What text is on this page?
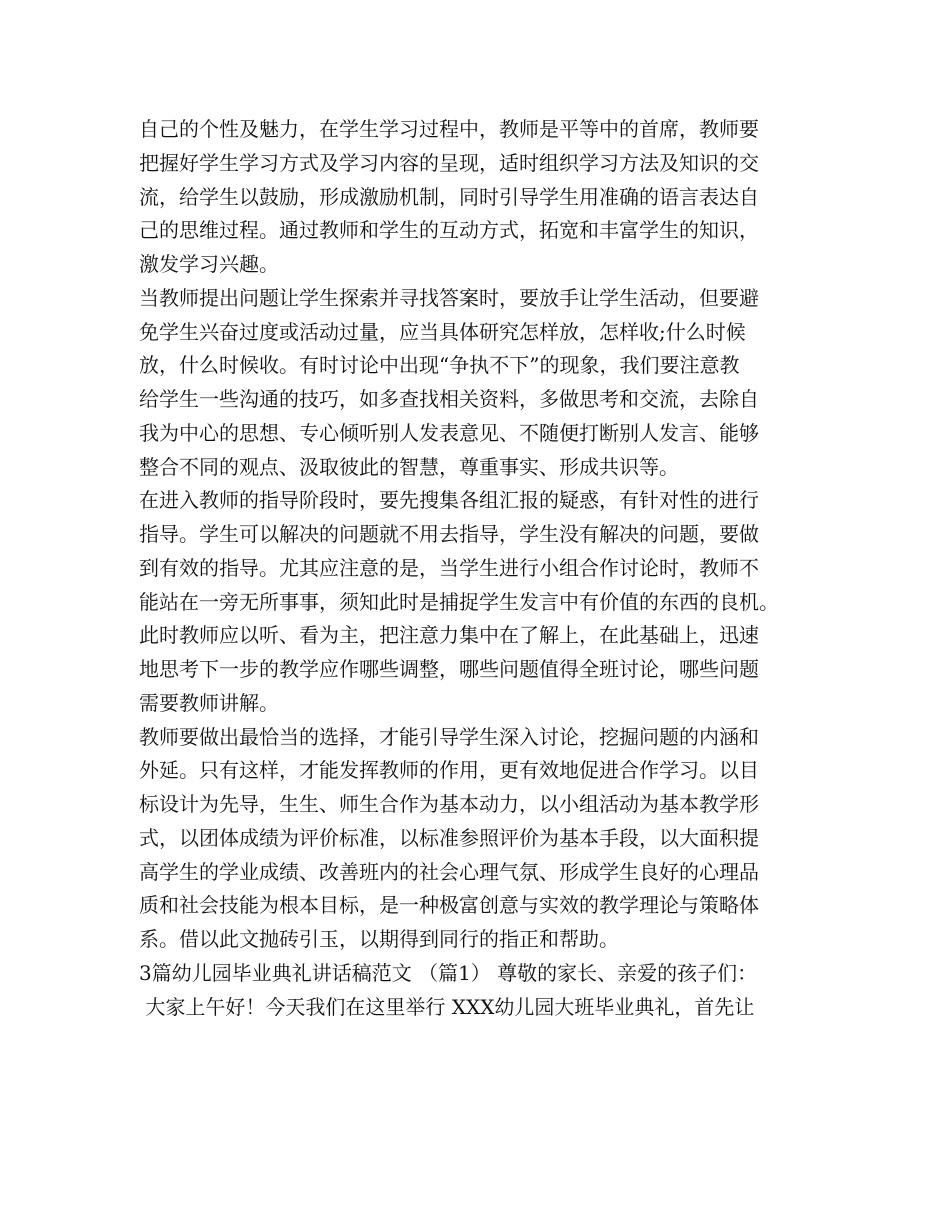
自己的个性及魅力，在学生学习过程中，教师是平等中的首席，教师要

把握好学生学习方式及学习内容的呈现，适时组织学习方法及知识的交

流，给学生以鼓励，形成激励机制，同时引导学生用准确的语言表达自

己的思维过程。通过教师和学生的互动方式，拓宽和丰富学生的知识，

激发学习兴趣。

当教师提出问题让学生探索并寻找答案时，要放手让学生活动，但要避

免学生兴奋过度或活动过量，应当具体研究怎样放，怎样收;什么时候

放，什么时候收。有时讨论中出现“争执不下”的现象，我们要注意教

给学生一些沟通的技巧，如多查找相关资料，多做思考和交流，去除自

我为中心的思想、专心倾听别人发表意见、不随便打断别人发言、能够

整合不同的观点、汲取彼此的智慧，尊重事实、形成共识等。

在进入教师的指导阶段时，要先搜集各组汇报的疑惑，有针对性的进行

指导。学生可以解决的问题就不用去指导，学生没有解决的问题，要做

到有效的指导。尤其应注意的是，当学生进行小组合作讨论时，教师不

能站在一旁无所事事，须知此时是捕捉学生发言中有价值的东西的良机。

此时教师应以听、看为主，把注意力集中在了解上，在此基础上，迅速

地思考下一步的教学应作哪些调整，哪些问题值得全班讨论，哪些问题

需要教师讲解。

教师要做出最恰当的选择，才能引导学生深入讨论，挖掘问题的内涵和

外延。只有这样，才能发挥教师的作用，更有效地促进合作学习。以目

标设计为先导，生生、师生合作为基本动力，以小组活动为基本教学形

式，以团体成绩为评价标准，以标准参照评价为基本手段，以大面积提

高学生的学业成绩、改善班内的社会心理气氛、形成学生良好的心理品

质和社会技能为根本目标，是一种极富创意与实效的教学理论与策略体

系。借以此文抛砖引玉，以期得到同行的指正和帮助。

3篇幼儿园毕业典礼讲话稿范文 （篇1） 尊敬的家长、亲爱的孩子们：

大家上午好！今天我们在这里举行 XXX幼儿园大班毕业典礼，首先让
